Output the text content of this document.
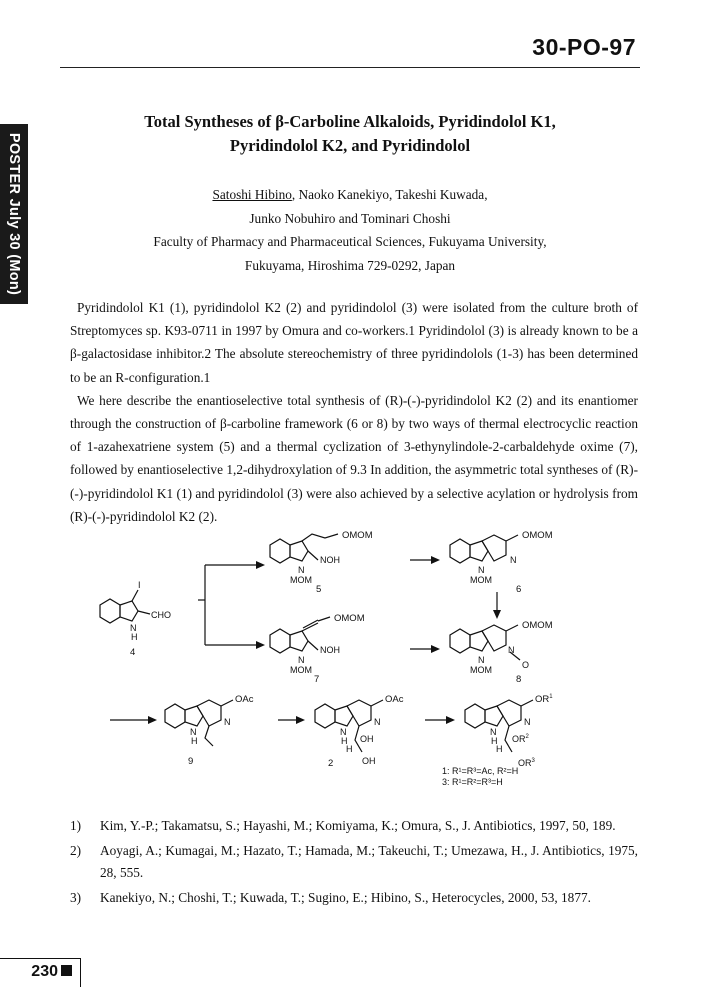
30-PO-97
POSTER July 30 (Mon)
Total Syntheses of β-Carboline Alkaloids, Pyridindolol K1,
Pyridindolol K2, and Pyridindolol
Satoshi Hibino, Naoko Kanekiyo, Takeshi Kuwada,
Junko Nobuhiro and Tominari Choshi
Faculty of Pharmacy and Pharmaceutical Sciences, Fukuyama University,
Fukuyama, Hiroshima 729-0292, Japan

Pyridindolol K1 (1), pyridindolol K2 (2) and pyridindolol (3) were isolated from the culture broth of Streptomyces sp. K93-0711 in 1997 by Omura and co-workers.1 Pyridindolol (3) is already known to be a β-galactosidase inhibitor.2 The absolute stereochemistry of three pyridindolols (1-3) has been determined to be an R-configuration.1

We here describe the enantioselective total synthesis of (R)-(-)-pyridindolol K2 (2) and its enantiomer through the construction of β-carboline framework (6 or 8) by two ways of thermal electrocyclic reaction of 1-azahexatriene system (5) and a thermal cyclization of 3-ethynylindole-2-carbaldehyde oxime (7), followed by enantioselective 1,2-dihydroxylation of 9.3 In addition, the asymmetric total syntheses of (R)-(-)-pyridindolol K1 (1) and pyridindolol (3) were also achieved by a selective acylation or hydrolysis from (R)-(-)-pyridindolol K2 (2).

I
CHO
N
H
4
OMOM
NOH
N
MOM
5
OMOM
N
N
MOM
6
OMOM
NOH
N
MOM
7
OMOM
N
O
N
MOM
8
OAc
N
N
H
9
OAc
N
N
H OH
H
OH
2
$OR^1$
N
N
H $OR^2$
H
$OR^3$
1: R¹=R³=Ac, R²=H
3: R¹=R²=R³=H
1)	Kim, Y.-P.; Takamatsu, S.; Hayashi, M.; Komiyama, K.; Omura, S., J. Antibiotics, 1997, 50, 189.
2)	Aoyagi, A.; Kumagai, M.; Hazato, T.; Hamada, M.; Takeuchi, T.; Umezawa, H., J. Antibiotics, 1975, 28, 555.
3)	Kanekiyo, N.; Choshi, T.; Kuwada, T.; Sugino, E.; Hibino, S., Heterocycles, 2000, 53, 1877.
230
